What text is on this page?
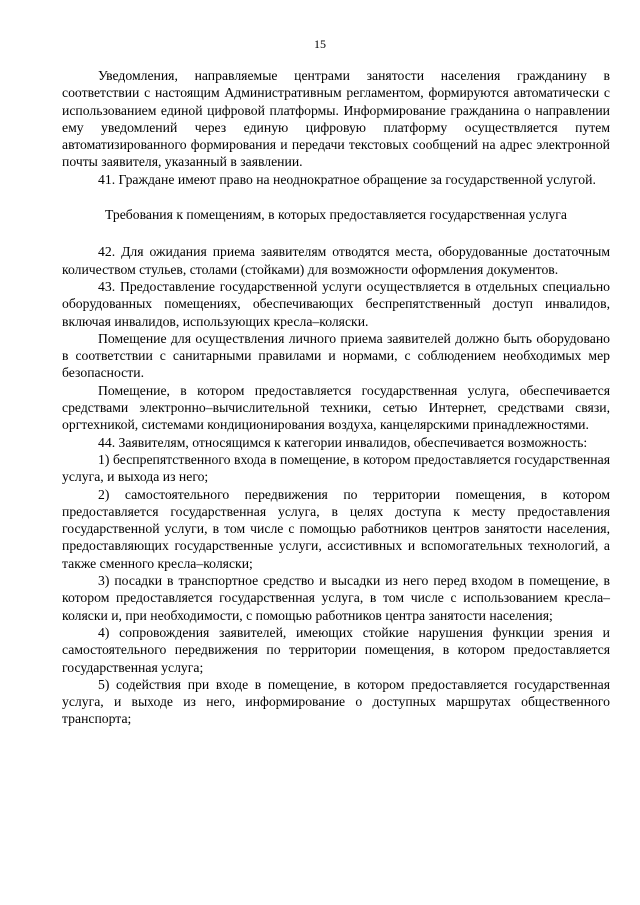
15

Уведомления, направляемые центрами занятости населения гражданину в соответствии с настоящим Административным регламентом, формируются автоматически с использованием единой цифровой платформы. Информирование гражданина о направлении ему уведомлений через единую цифровую платформу осуществляется путем автоматизированного формирования и передачи текстовых сообщений на адрес электронной почты заявителя, указанный в заявлении.

41. Граждане имеют право на неоднократное обращение за государственной услугой.

Требования к помещениям, в которых предоставляется государственная услуга

42. Для ожидания приема заявителям отводятся места, оборудованные достаточным количеством стульев, столами (стойками) для возможности оформления документов.

43. Предоставление государственной услуги осуществляется в отдельных специально оборудованных помещениях, обеспечивающих беспрепятственный доступ инвалидов, включая инвалидов, использующих кресла–коляски.

Помещение для осуществления личного приема заявителей должно быть оборудовано в соответствии с санитарными правилами и нормами, с соблюдением необходимых мер безопасности.

Помещение, в котором предоставляется государственная услуга, обеспечивается средствами электронно–вычислительной техники, сетью Интернет, средствами связи, оргтехникой, системами кондиционирования воздуха, канцелярскими принадлежностями.

44. Заявителям, относящимся к категории инвалидов, обеспечивается возможность:

1) беспрепятственного входа в помещение, в котором предоставляется государственная услуга, и выхода из него;

2) самостоятельного передвижения по территории помещения, в котором предоставляется государственная услуга, в целях доступа к месту предоставления государственной услуги, в том числе с помощью работников центров занятости населения, предоставляющих государственные услуги, ассистивных и вспомогательных технологий, а также сменного кресла–коляски;

3) посадки в транспортное средство и высадки из него перед входом в помещение, в котором предоставляется государственная услуга, в том числе с использованием кресла–коляски и, при необходимости, с помощью работников центра занятости населения;

4) сопровождения заявителей, имеющих стойкие нарушения функции зрения и самостоятельного передвижения по территории помещения, в котором предоставляется государственная услуга;

5) содействия при входе в помещение, в котором предоставляется государственная услуга, и выходе из него, информирование о доступных маршрутах общественного транспорта;
